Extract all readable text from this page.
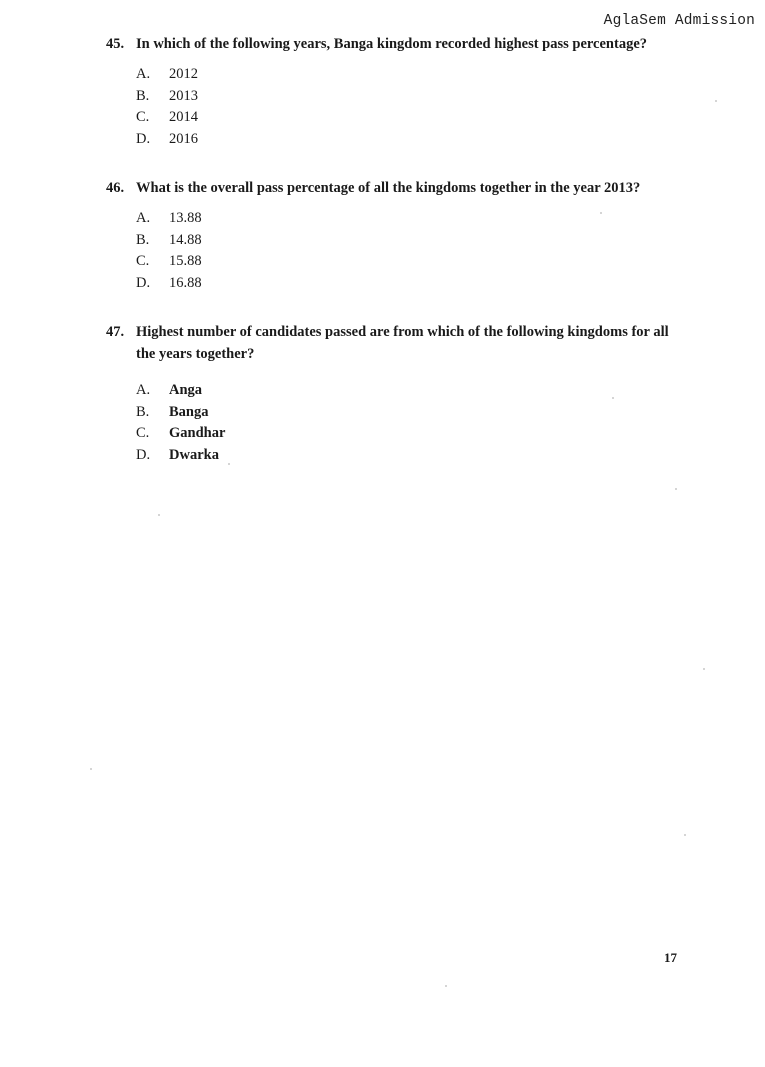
AglaSem Admission
45. In which of the following years, Banga kingdom recorded highest pass percentage?
A.	2012
B.	2013
C.	2014
D.	2016
46. What is the overall pass percentage of all the kingdoms together in the year 2013?
A.	13.88
B.	14.88
C.	15.88
D.	16.88
47. Highest number of candidates passed are from which of the following kingdoms for all the years together?
A.	Anga
B.	Banga
C.	Gandhar
D.	Dwarka
17
